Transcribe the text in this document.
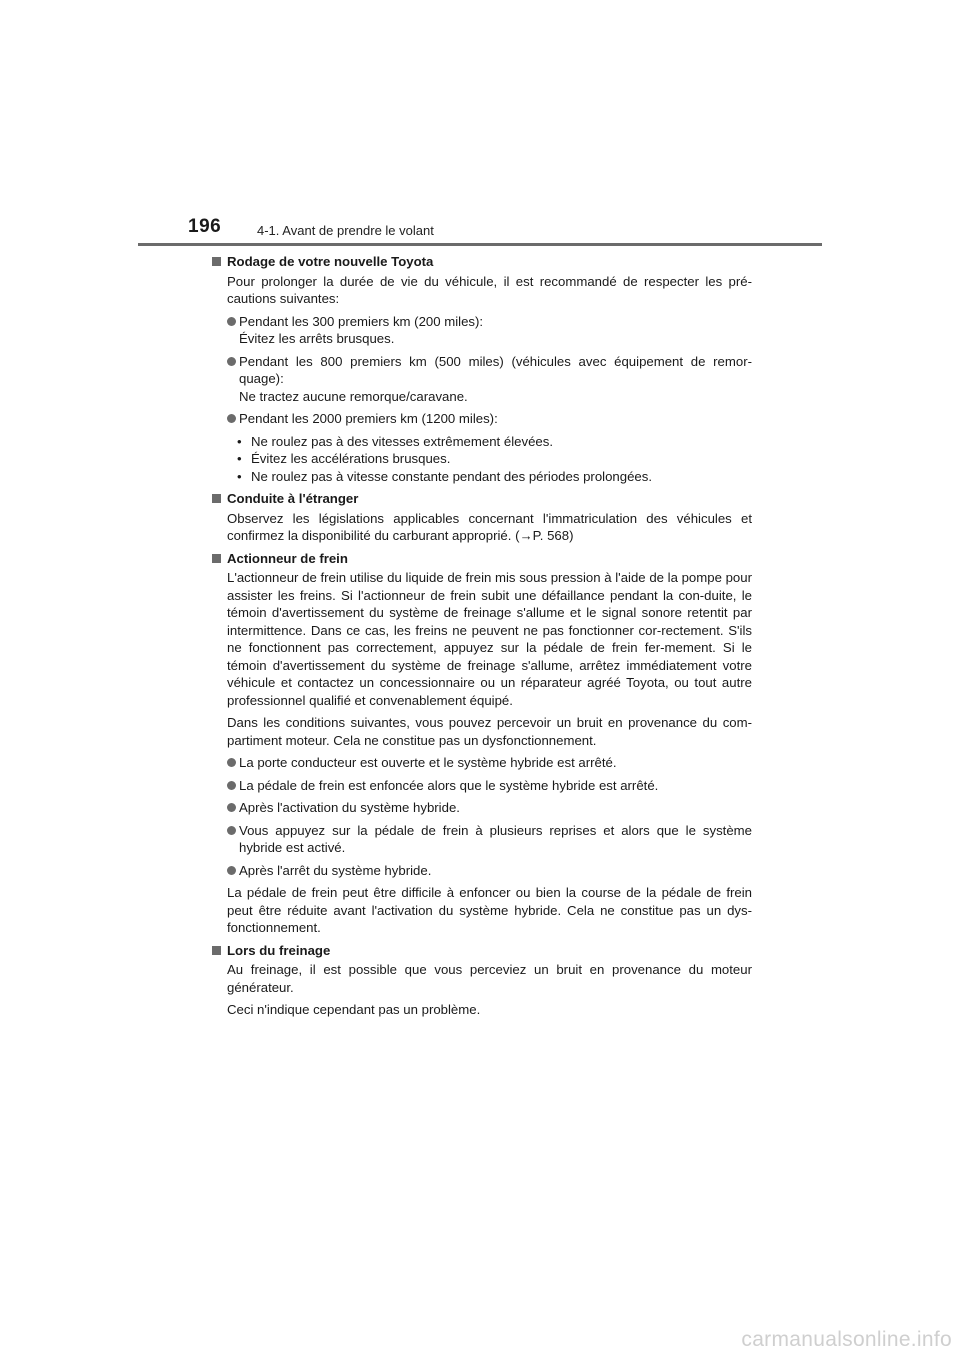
196	4-1. Avant de prendre le volant
Rodage de votre nouvelle Toyota
Pour prolonger la durée de vie du véhicule, il est recommandé de respecter les pré-cautions suivantes:
Pendant les 300 premiers km (200 miles):
Évitez les arrêts brusques.
Pendant les 800 premiers km (500 miles) (véhicules avec équipement de remor-quage):
Ne tractez aucune remorque/caravane.
Pendant les 2000 premiers km (1200 miles):
• Ne roulez pas à des vitesses extrêmement élevées.
• Évitez les accélérations brusques.
• Ne roulez pas à vitesse constante pendant des périodes prolongées.
Conduite à l'étranger
Observez les législations applicables concernant l'immatriculation des véhicules et confirmez la disponibilité du carburant approprié. (→P. 568)
Actionneur de frein
L'actionneur de frein utilise du liquide de frein mis sous pression à l'aide de la pompe pour assister les freins. Si l'actionneur de frein subit une défaillance pendant la con-duite, le témoin d'avertissement du système de freinage s'allume et le signal sonore retentit par intermittence. Dans ce cas, les freins ne peuvent ne pas fonctionner cor-rectement. S'ils ne fonctionnent pas correctement, appuyez sur la pédale de frein fer-mement. Si le témoin d'avertissement du système de freinage s'allume, arrêtez immédiatement votre véhicule et contactez un concessionnaire ou un réparateur agréé Toyota, ou tout autre professionnel qualifié et convenablement équipé.
Dans les conditions suivantes, vous pouvez percevoir un bruit en provenance du com-partiment moteur. Cela ne constitue pas un dysfonctionnement.
La porte conducteur est ouverte et le système hybride est arrêté.
La pédale de frein est enfoncée alors que le système hybride est arrêté.
Après l'activation du système hybride.
Vous appuyez sur la pédale de frein à plusieurs reprises et alors que le système hybride est activé.
Après l'arrêt du système hybride.
La pédale de frein peut être difficile à enfoncer ou bien la course de la pédale de frein peut être réduite avant l'activation du système hybride. Cela ne constitue pas un dys-fonctionnement.
Lors du freinage
Au freinage, il est possible que vous perceviez un bruit en provenance du moteur générateur.
Ceci n'indique cependant pas un problème.
carmanualsonline.info
